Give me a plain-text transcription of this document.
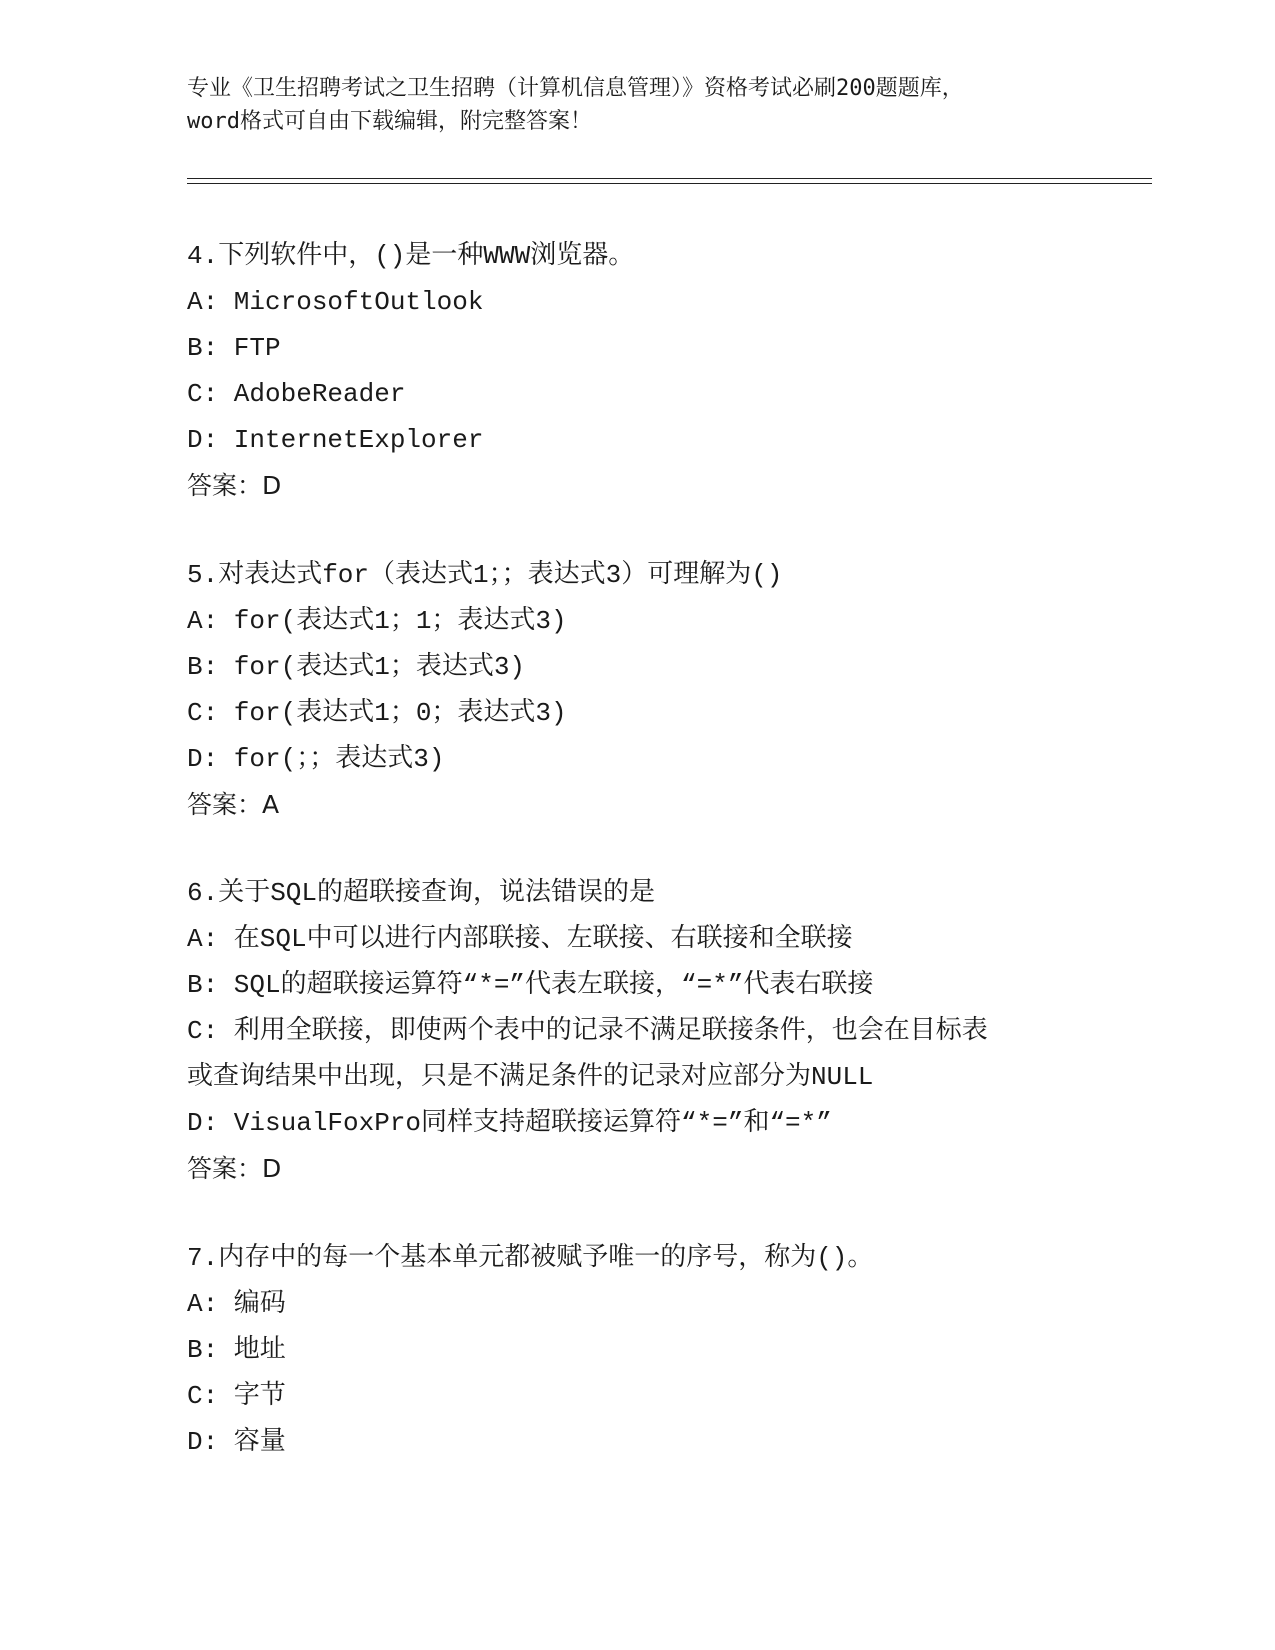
专业《卫生招聘考试之卫生招聘（计算机信息管理）》资格考试必刷200题题库，
word格式可自由下载编辑，附完整答案！
4.下列软件中，()是一种WWW浏览器。
A: MicrosoftOutlook
B: FTP
C: AdobeReader
D: InternetExplorer
答案：D
5.对表达式for（表达式1；；表达式3）可理解为()
A: for(表达式1；1；表达式3)
B: for(表达式1；表达式3)
C: for(表达式1；0；表达式3)
D: for(；；表达式3)
答案：A
6.关于SQL的超联接查询，说法错误的是
A: 在SQL中可以进行内部联接、左联接、右联接和全联接
B: SQL的超联接运算符“*=”代表左联接，“=*”代表右联接
C: 利用全联接，即使两个表中的记录不满足联接条件，也会在目标表
或查询结果中出现，只是不满足条件的记录对应部分为NULL
D: VisualFoxPro同样支持超联接运算符“*=”和“=*”
答案：D
7.内存中的每一个基本单元都被赋予唯一的序号，称为()。
A: 编码
B: 地址
C: 字节
D: 容量
